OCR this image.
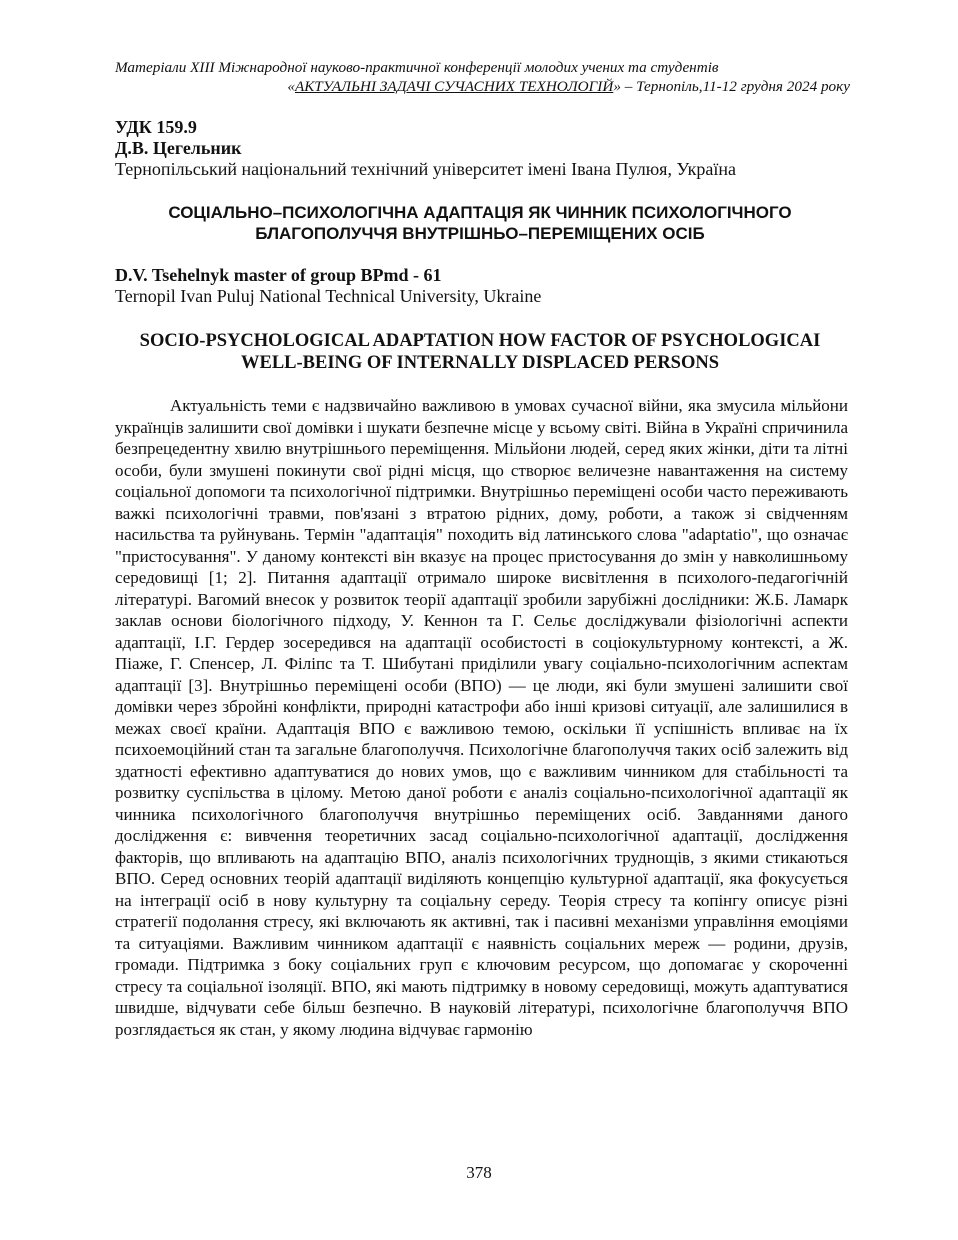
Матеріали XIII Міжнародної науково-практичної конференції молодих учених та студентів
«АКТУАЛЬНІ ЗАДАЧІ СУЧАСНИХ ТЕХНОЛОГІЙ» – Тернопіль,11-12 грудня 2024 року
УДК 159.9
Д.В. Цегельник
Тернопільський національний технічний університет імені Івана Пулюя, Україна
СОЦІАЛЬНО–ПСИХОЛОГІЧНА АДАПТАЦІЯ ЯК ЧИННИК ПСИХОЛОГІЧНОГО
БЛАГОПОЛУЧЧЯ ВНУТРІШНЬО–ПЕРЕМІЩЕНИХ ОСІБ
D.V. Tsehelnyk master of group BPmd - 61
Ternopil Ivan Puluj National Technical University, Ukraine
SOCIO-PSYCHOLOGICAL ADAPTATION HOW FACTOR OF PSYCHOLOGICAI
WELL-BEING OF INTERNALLY DISPLACED PERSONS

Актуальність теми є надзвичайно важливою в умовах сучасної війни, яка змусила мільйони українців залишити свої домівки і шукати безпечне місце у всьому світі. Війна в Україні спричинила безпрецедентну хвилю внутрішнього переміщення. Мільйони людей, серед яких жінки, діти та літні особи, були змушені покинути свої рідні місця, що створює величезне навантаження на систему соціальної допомоги та психологічної підтримки. Внутрішньо переміщені особи часто переживають важкі психологічні травми, пов'язані з втратою рідних, дому, роботи, а також зі свідченням насильства та руйнувань. Термін "адаптація" походить від латинського слова "adaptatio", що означає "пристосування". У даному контексті він вказує на процес пристосування до змін у навколишньому середовищі [1; 2]. Питання адаптації отримало широке висвітлення в психолого-педагогічній літературі. Вагомий внесок у розвиток теорії адаптації зробили зарубіжні дослідники: Ж.Б. Ламарк заклав основи біологічного підходу, У. Кеннон та Г. Сельє досліджували фізіологічні аспекти адаптації, І.Г. Гердер зосередився на адаптації особистості в соціокультурному контексті, а Ж. Піаже, Г. Спенсер, Л. Філіпс та Т. Шибутані приділили увагу соціально-психологічним аспектам адаптації [3]. Внутрішньо переміщені особи (ВПО) — це люди, які були змушені залишити свої домівки через збройні конфлікти, природні катастрофи або інші кризові ситуації, але залишилися в межах своєї країни. Адаптація ВПО є важливою темою, оскільки її успішність впливає на їх психоемоційний стан та загальне благополуччя. Психологічне благополуччя таких осіб залежить від здатності ефективно адаптуватися до нових умов, що є важливим чинником для стабільності та розвитку суспільства в цілому. Метою даної роботи є аналіз соціально-психологічної адаптації як чинника психологічного благополуччя внутрішньо переміщених осіб. Завданнями даного дослідження є: вивчення теоретичних засад соціально-психологічної адаптації, дослідження факторів, що впливають на адаптацію ВПО, аналіз психологічних труднощів, з якими стикаються ВПО. Серед основних теорій адаптації виділяють концепцію культурної адаптації, яка фокусується на інтеграції осіб в нову культурну та соціальну середу. Теорія стресу та копінгу описує різні стратегії подолання стресу, які включають як активні, так і пасивні механізми управління емоціями та ситуаціями. Важливим чинником адаптації є наявність соціальних мереж — родини, друзів, громади. Підтримка з боку соціальних груп є ключовим ресурсом, що допомагає у скороченні стресу та соціальної ізоляції. ВПО, які мають підтримку в новому середовищі, можуть адаптуватися швидше, відчувати себе більш безпечно. В науковій літературі, психологічне благополуччя ВПО розглядається як стан, у якому людина відчуває гармонію

378
